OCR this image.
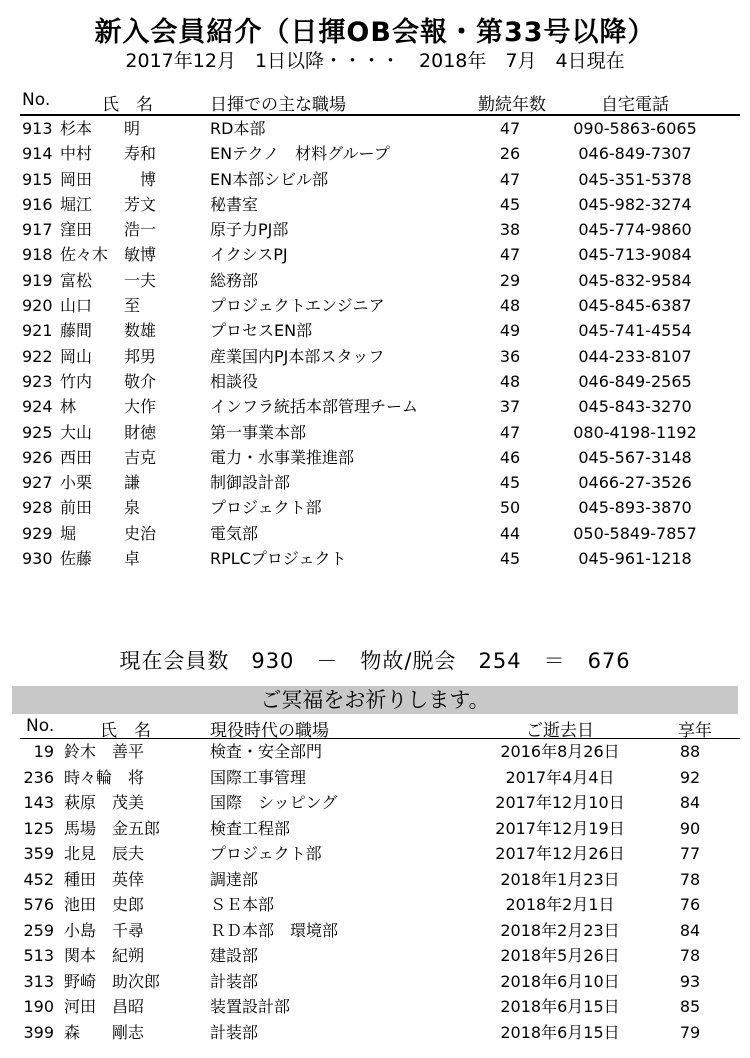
新入会員紹介（日揮OB会報・第33号以降）
2017年12月　1日以降・・・・　2018年　7月　4日現在
No.	氏　名	日揮での主な職場	勤続年数	自宅電話
913 杉本　　明	RD本部	47	090-5863-6065
914 中村　　寿和	ENテクノ　材料グループ	26	046-849-7307
915 岡田　　　博	EN本部シビル部	47	045-351-5378
916 堀江　　芳文	秘書室	45	045-982-3274
917 窪田　　浩一	原子力PJ部	38	045-774-9860
918 佐々木　敏博	イクシスPJ	47	045-713-9084
919 富松　　一夫	総務部	29	045-832-9584
920 山口　　至	プロジェクトエンジニア	48	045-845-6387
921 藤間　　数雄	プロセスEN部	49	045-741-4554
922 岡山　　邦男	産業国内PJ本部スタッフ	36	044-233-8107
923 竹内　　敬介	相談役	48	046-849-2565
924 林　　　大作	インフラ統括本部管理チーム	37	045-843-3270
925 大山　　財徳	第一事業本部	47	080-4198-1192
926 西田　　吉克	電力・水事業推進部	46	045-567-3148
927 小栗　　謙	制御設計部	45	0466-27-3526
928 前田　　泉	プロジェクト部	50	045-893-3870
929 堀　　　史治	電気部	44	050-5849-7857
930 佐藤　　卓	RPLCプロジェクト	45	045-961-1218
現在会員数　930　－　物故/脱会　254　＝　676
ご冥福をお祈りします。
No.	氏　名	現役時代の職場	ご逝去日	享年
19 鈴木　善平	検査・安全部門	2016年8月26日	88
236 時々輪　将	国際工事管理	2017年4月4日	92
143 萩原　茂美	国際　シッピング	2017年12月10日	84
125 馬場　金五郎	検査工程部	2017年12月19日	90
359 北見　辰夫	プロジェクト部	2017年12月26日	77
452 種田　英倖	調達部	2018年1月23日	78
576 池田　史郎	ＳＥ本部	2018年2月1日	76
259 小島　千尋	ＲＤ本部　環境部	2018年2月23日	84
513 関本　紀朔	建設部	2018年5月26日	78
313 野崎　助次郎	計装部	2018年6月10日	93
190 河田　昌昭	装置設計部	2018年6月15日	85
399 森　　剛志	計装部	2018年6月15日	79
